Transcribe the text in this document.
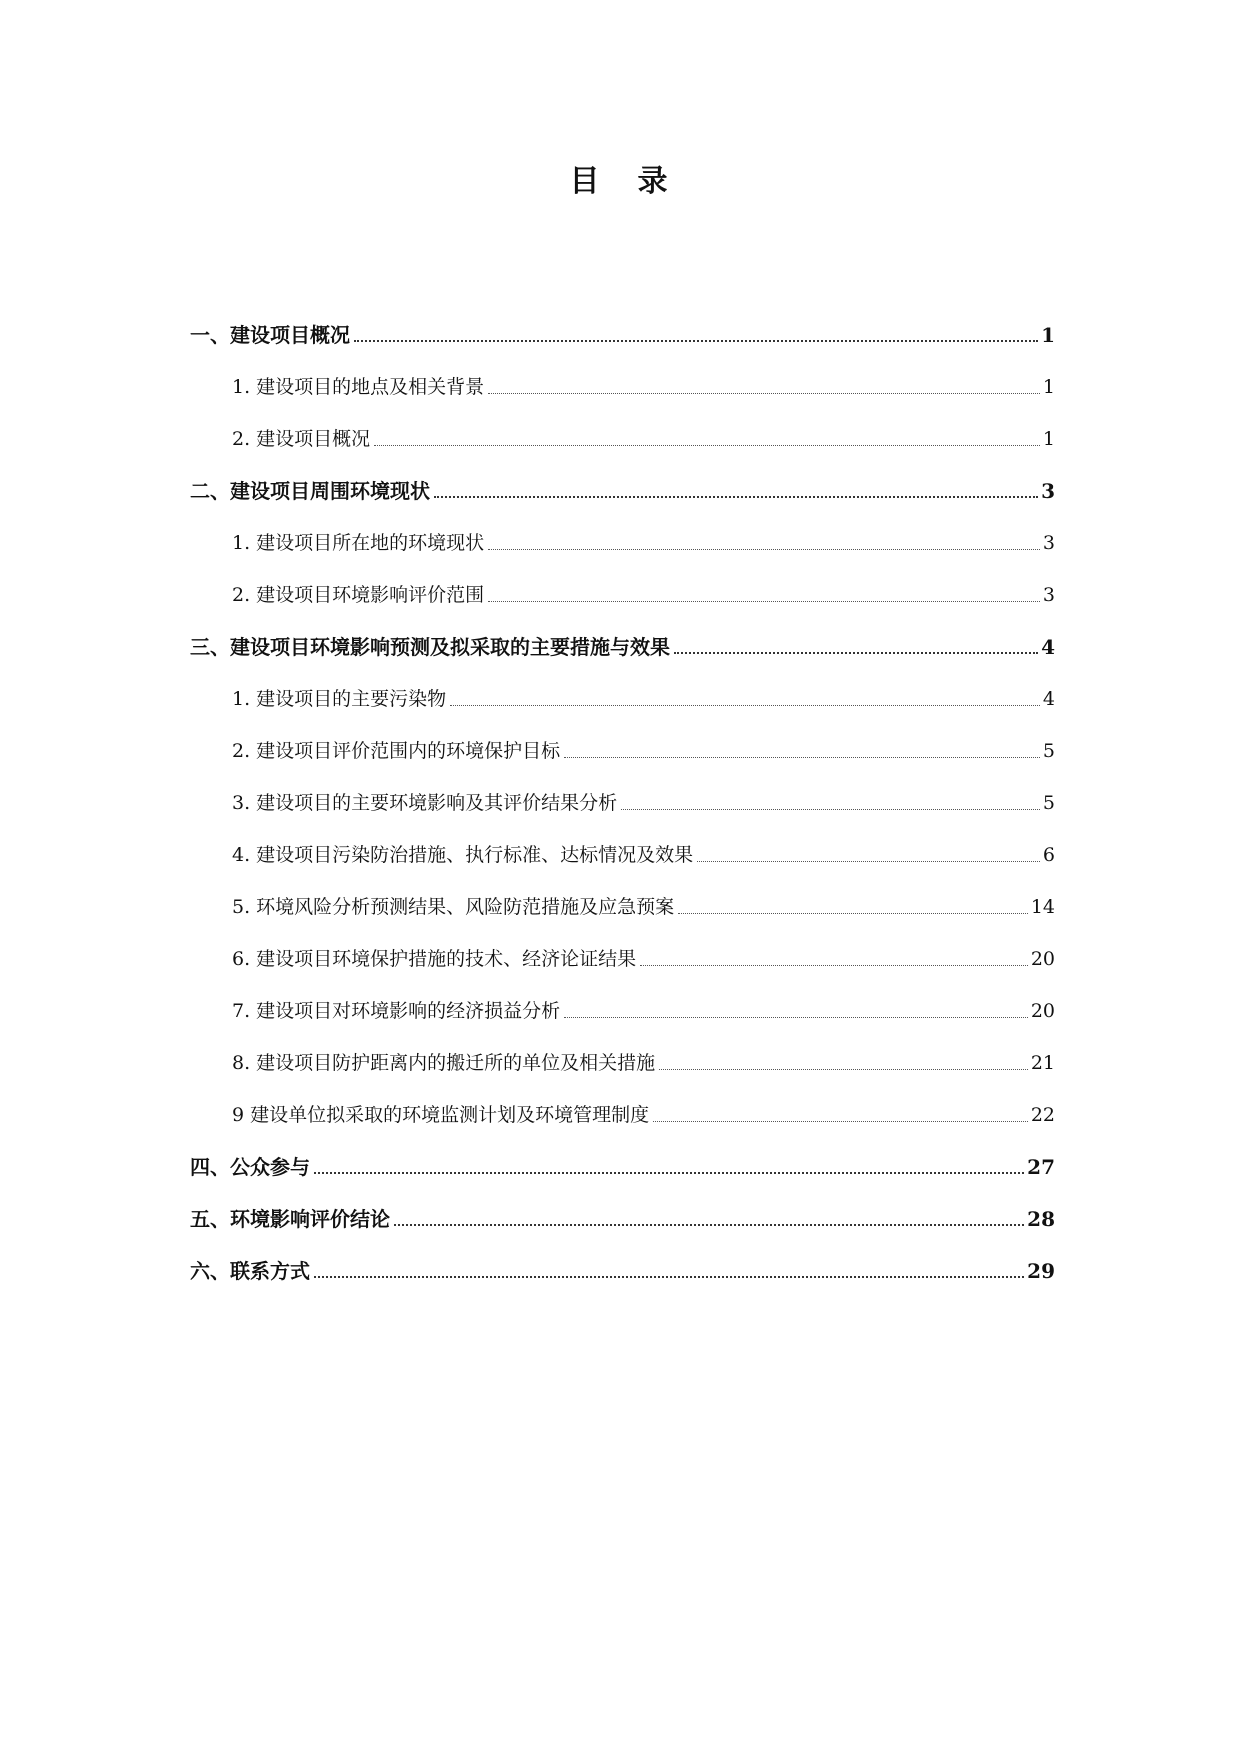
目　录
一、建设项目概况	1
1. 建设项目的地点及相关背景	1
2. 建设项目概况	1
二、建设项目周围环境现状	3
1. 建设项目所在地的环境现状	3
2. 建设项目环境影响评价范围	3
三、建设项目环境影响预测及拟采取的主要措施与效果	4
1. 建设项目的主要污染物	4
2. 建设项目评价范围内的环境保护目标	5
3. 建设项目的主要环境影响及其评价结果分析	5
4. 建设项目污染防治措施、执行标准、达标情况及效果	6
5. 环境风险分析预测结果、风险防范措施及应急预案	14
6. 建设项目环境保护措施的技术、经济论证结果	20
7. 建设项目对环境影响的经济损益分析	20
8. 建设项目防护距离内的搬迁所的单位及相关措施	21
9 建设单位拟采取的环境监测计划及环境管理制度	22
四、公众参与	27
五、环境影响评价结论	28
六、联系方式	29
